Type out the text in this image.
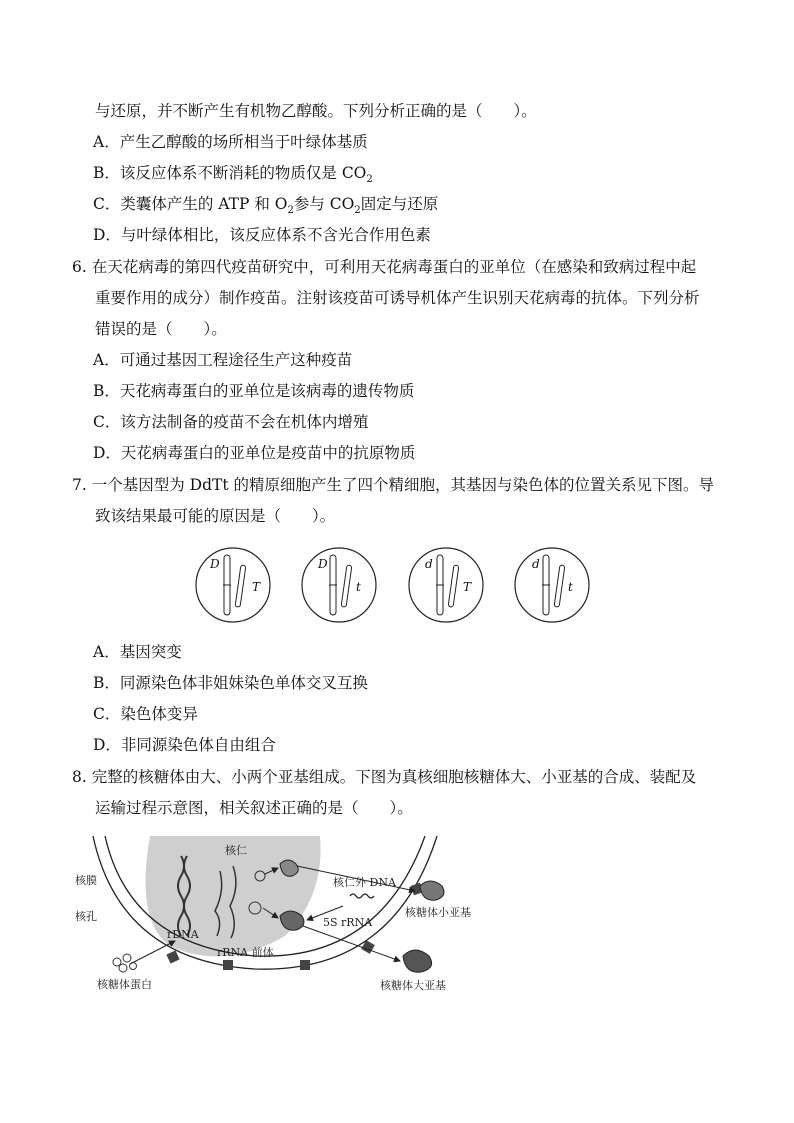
与还原，并不断产生有机物乙醇酸。下列分析正确的是（　　）。
A．产生乙醇酸的场所相当于叶绿体基质
B．该反应体系不断消耗的物质仅是 $CO_2$
C．类囊体产生的 ATP 和 $O_2$参与 $CO_2$固定与还原
D．与叶绿体相比，该反应体系不含光合作用色素
6. 在天花病毒的第四代疫苗研究中，可利用天花病毒蛋白的亚单位（在感染和致病过程中起
重要作用的成分）制作疫苗。注射该疫苗可诱导机体产生识别天花病毒的抗体。下列分析
错误的是（　　）。
A．可通过基因工程途径生产这种疫苗
B．天花病毒蛋白的亚单位是该病毒的遗传物质
C．该方法制备的疫苗不会在机体内增殖
D．天花病毒蛋白的亚单位是疫苗中的抗原物质
7. 一个基因型为 DdTt 的精原细胞产生了四个精细胞，其基因与染色体的位置关系见下图。导
致该结果最可能的原因是（　　）。
D
T
D
t
d
T
d
t
A．基因突变
B．同源染色体非姐妹染色单体交叉互换
C．染色体变异
D．非同源染色体自由组合
8. 完整的核糖体由大、小两个亚基组成。下图为真核细胞核糖体大、小亚基的合成、装配及
运输过程示意图，相关叙述正确的是（　　）。
核仁
核膜
核孔
rDNA
rRNA 前体
核仁外 DNA
5S rRNA
核糖体小亚基
核糖体大亚基
核糖体蛋白
